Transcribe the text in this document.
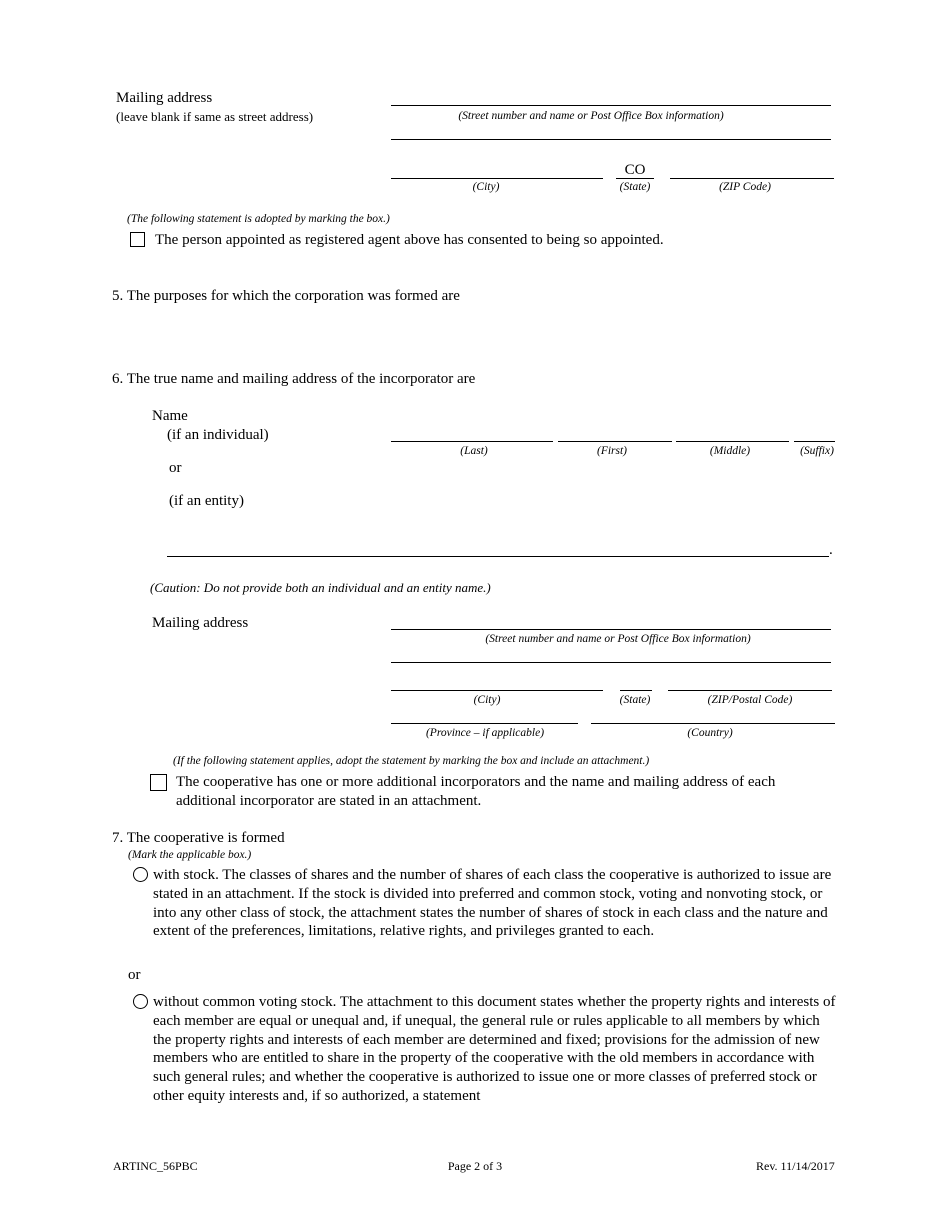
Mailing address
(leave blank if same as street address)	(Street number and name or Post Office Box information)
(City)
CO
(State)	(ZIP Code)
(The following statement is adopted by marking the box.)
The person appointed as registered agent above has consented to being so appointed.
5. The purposes for which the corporation was formed are
6. The true name and mailing address of the incorporator are
Name
(if an individual)
(Last)	(First)	(Middle)	(Suffix)
or
(if an entity)
.
(Caution: Do not provide both an individual and an entity name.)
Mailing address
(Street number and name or Post Office Box information)
(City)	(State)	(ZIP/Postal Code)
(Province – if applicable)	(Country)
(If the following statement applies, adopt the statement by marking the box and include an attachment.)
The cooperative has one or more additional incorporators and the name and mailing address of each additional incorporator are stated in an attachment.
7. The cooperative is formed
(Mark the applicable box.)
with stock. The classes of shares and the number of shares of each class the cooperative is authorized to issue are stated in an attachment. If the stock is divided into preferred and common stock, voting and nonvoting stock, or into any other class of stock, the attachment states the number of shares of stock in each class and the nature and extent of the preferences, limitations, relative rights, and privileges granted to each.
or
without common voting stock. The attachment to this document states whether the property rights and interests of each member are equal or unequal and, if unequal, the general rule or rules applicable to all members by which the property rights and interests of each member are determined and fixed; provisions for the admission of new members who are entitled to share in the property of the cooperative with the old members in accordance with such general rules; and whether the cooperative is authorized to issue one or more classes of preferred stock or other equity interests and, if so authorized, a statement
ARTINC_56PBC	Page 2 of 3	Rev. 11/14/2017
